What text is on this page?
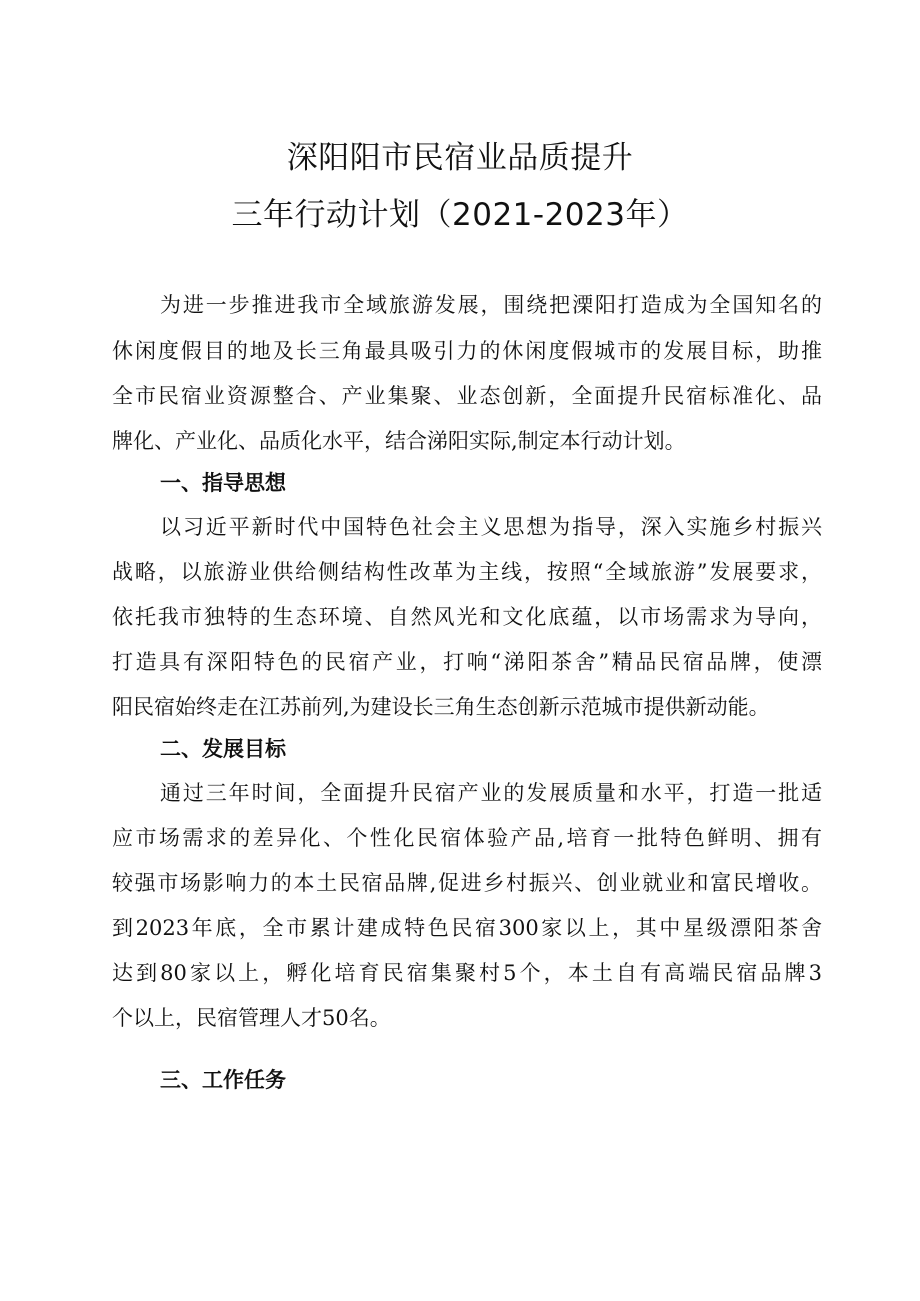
深阳阳市民宿业品质提升
三年行动计划（2021-2023年）
为进一步推进我市全域旅游发展，围绕把溧阳打造成为全国知名的
休闲度假目的地及长三角最具吸引力的休闲度假城市的发展目标，助推
全市民宿业资源整合、产业集聚、业态创新，全面提升民宿标准化、品
牌化、产业化、品质化水平，结合涕阳实际,制定本行动计划。
一、指导思想
以习近平新时代中国特色社会主义思想为指导，深入实施乡村振兴
战略，以旅游业供给侧结构性改革为主线，按照“全域旅游”发展要求，
依托我市独特的生态环境、自然风光和文化底蕴，以市场需求为导向，
打造具有深阳特色的民宿产业，打响“涕阳茶舍”精品民宿品牌，使漂
阳民宿始终走在江苏前列,为建设长三角生态创新示范城市提供新动能。
二、发展目标
通过三年时间，全面提升民宿产业的发展质量和水平，打造一批适
应市场需求的差异化、个性化民宿体验产品,培育一批特色鲜明、拥有
较强市场影响力的本土民宿品牌,促进乡村振兴、创业就业和富民增收。
到2023年底，全市累计建成特色民宿300家以上，其中星级漂阳茶舍
达到80家以上，孵化培育民宿集聚村5个，本土自有高端民宿品牌3
个以上，民宿管理人才50名。
三、工作任务
